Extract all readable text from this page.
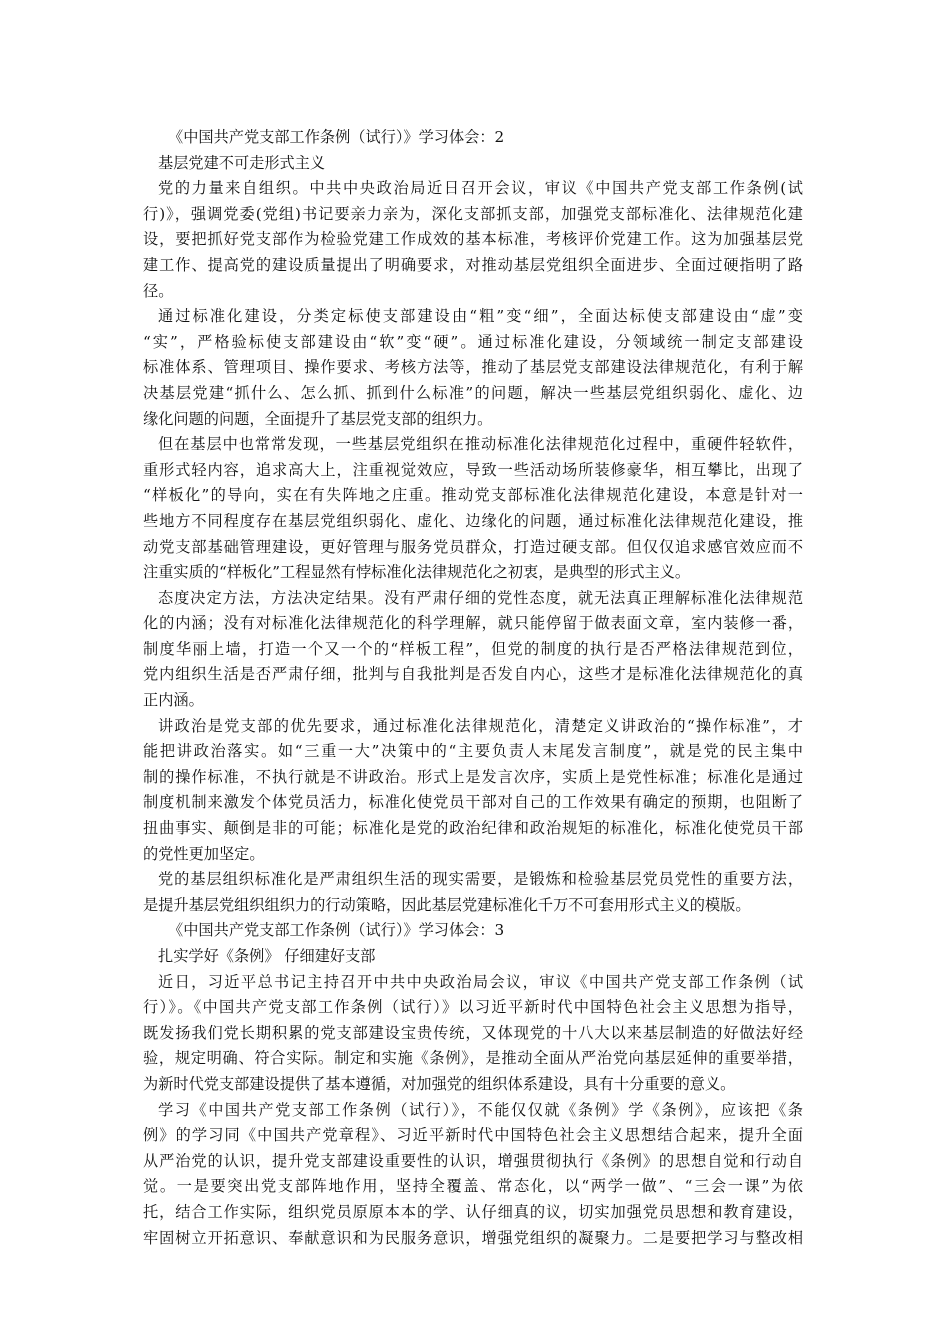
《中国共产党支部工作条例（试行）》学习体会：2

基层党建不可走形式主义

党的力量来自组织。中共中央政治局近日召开会议，审议《中国共产党支部工作条例(试

行)》，强调党委(党组)书记要亲力亲为，深化支部抓支部，加强党支部标准化、法律规范化建

设，要把抓好党支部作为检验党建工作成效的基本标准，考核评价党建工作。这为加强基层党

建工作、提高党的建设质量提出了明确要求，对推动基层党组织全面进步、全面过硬指明了路

径。

通过标准化建设，分类定标使支部建设由“粗”变“细”，全面达标使支部建设由“虚”变

“实”，严格验标使支部建设由“软”变“硬”。通过标准化建设，分领域统一制定支部建设

标准体系、管理项目、操作要求、考核方法等，推动了基层党支部建设法律规范化，有利于解

决基层党建“抓什么、怎么抓、抓到什么标准”的问题，解决一些基层党组织弱化、虚化、边

缘化问题的问题，全面提升了基层党支部的组织力。

但在基层中也常常发现，一些基层党组织在推动标准化法律规范化过程中，重硬件轻软件，

重形式轻内容，追求高大上，注重视觉效应，导致一些活动场所装修豪华，相互攀比，出现了

“样板化”的导向，实在有失阵地之庄重。推动党支部标准化法律规范化建设，本意是针对一

些地方不同程度存在基层党组织弱化、虚化、边缘化的问题，通过标准化法律规范化建设，推

动党支部基础管理建设，更好管理与服务党员群众，打造过硬支部。但仅仅追求感官效应而不

注重实质的“样板化”工程显然有悖标准化法律规范化之初衷，是典型的形式主义。

态度决定方法，方法决定结果。没有严肃仔细的党性态度，就无法真正理解标准化法律规范

化的内涵；没有对标准化法律规范化的科学理解，就只能停留于做表面文章，室内装修一番，

制度华丽上墙，打造一个又一个的“样板工程”，但党的制度的执行是否严格法律规范到位，

党内组织生活是否严肃仔细，批判与自我批判是否发自内心，这些才是标准化法律规范化的真

正内涵。

讲政治是党支部的优先要求，通过标准化法律规范化，清楚定义讲政治的“操作标准”，才

能把讲政治落实。如“三重一大”决策中的“主要负责人末尾发言制度”，就是党的民主集中

制的操作标准，不执行就是不讲政治。形式上是发言次序，实质上是党性标准；标准化是通过

制度机制来激发个体党员活力，标准化使党员干部对自己的工作效果有确定的预期，也阻断了

扭曲事实、颠倒是非的可能；标准化是党的政治纪律和政治规矩的标准化，标准化使党员干部

的党性更加坚定。

党的基层组织标准化是严肃组织生活的现实需要，是锻炼和检验基层党员党性的重要方法，

是提升基层党组织组织力的行动策略，因此基层党建标准化千万不可套用形式主义的模版。

《中国共产党支部工作条例（试行）》学习体会：3

扎实学好《条例》 仔细建好支部

近日，习近平总书记主持召开中共中央政治局会议，审议《中国共产党支部工作条例（试

行）》。《中国共产党支部工作条例（试行）》以习近平新时代中国特色社会主义思想为指导，

既发扬我们党长期积累的党支部建设宝贵传统，又体现党的十八大以来基层制造的好做法好经

验，规定明确、符合实际。制定和实施《条例》，是推动全面从严治党向基层延伸的重要举措，

为新时代党支部建设提供了基本遵循，对加强党的组织体系建设，具有十分重要的意义。

学习《中国共产党支部工作条例（试行）》，不能仅仅就《条例》学《条例》，应该把《条

例》的学习同《中国共产党章程》、习近平新时代中国特色社会主义思想结合起来，提升全面

从严治党的认识，提升党支部建设重要性的认识，增强贯彻执行《条例》的思想自觉和行动自

觉。一是要突出党支部阵地作用，坚持全覆盖、常态化，以“两学一做”、“三会一课”为依

托，结合工作实际，组织党员原原本本的学、认仔细真的议，切实加强党员思想和教育建设，

牢固树立开拓意识、奉献意识和为民服务意识，增强党组织的凝聚力。二是要把学习与整改相
